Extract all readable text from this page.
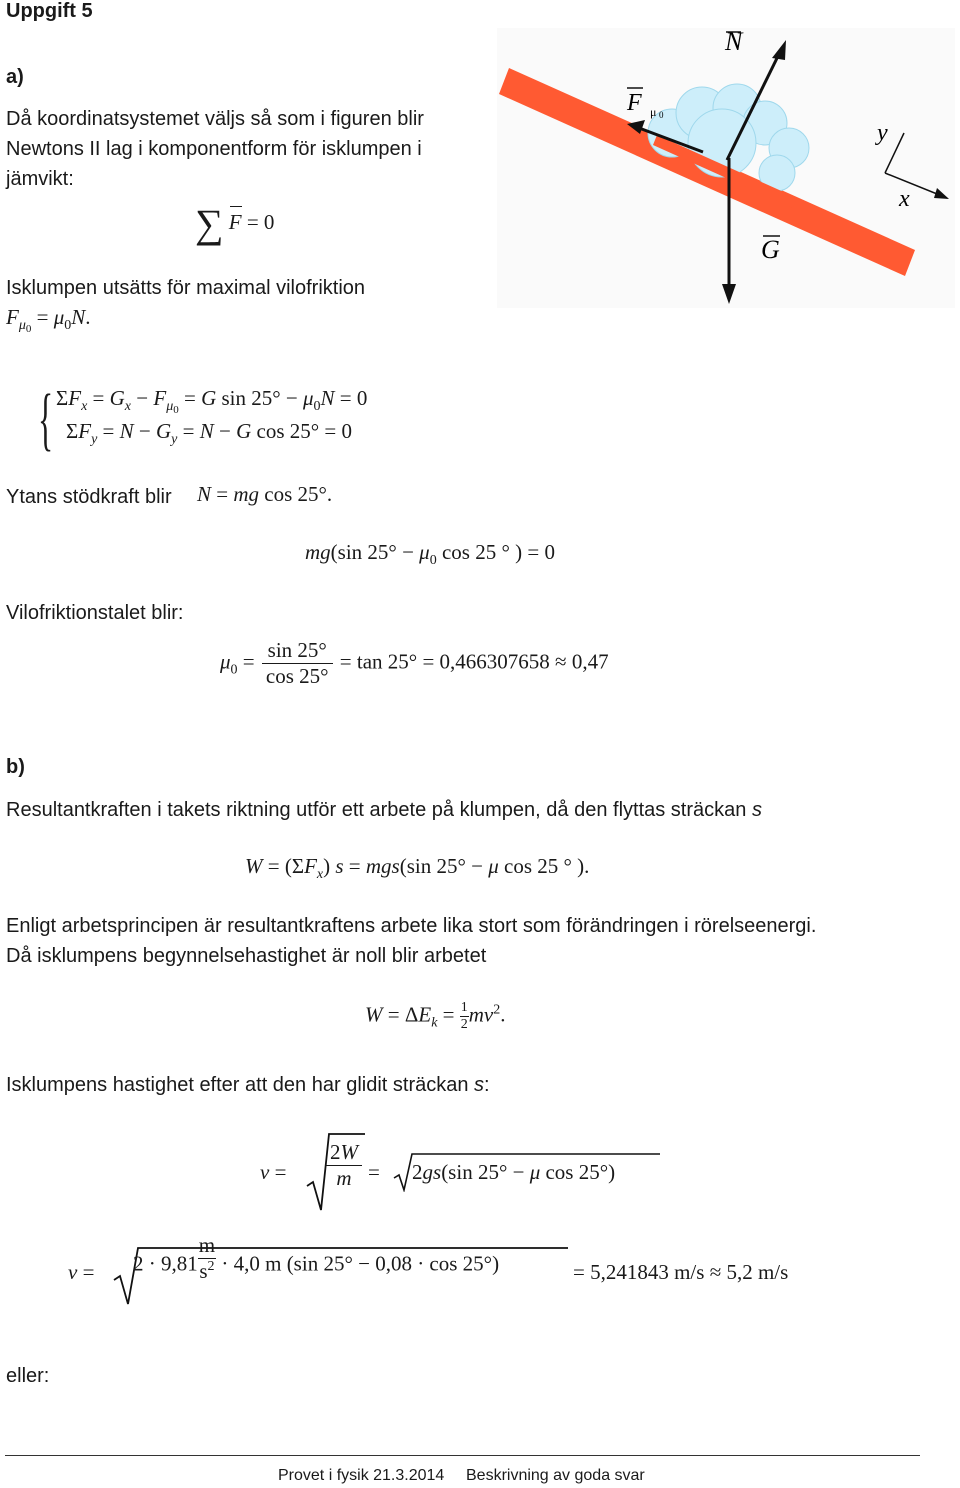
Uppgift 5
a)
Då koordinatsystemet väljs så som i figuren blir
Newtons II lag i komponentform för isklumpen i
jämvikt:
∑ F = 0
Isklumpen utsätts för maximal vilofriktion
$F_{\mu_0} = \mu_0N$.
{ $\Sigma F_x = G_x - F_{\mu_0} = G$ $\sin 25^\circ - \mu_0N = 0$
$\Sigma F_y = N - G_y = N - G$ cos 25° = 0
Ytans stödkraft blir N = mg cos 25°.
mg(sin $25^\circ - \mu_0$ cos 25 ° ) = 0
Vilofriktionstalet blir:
$\mu_0 = \frac{\sin 25^\circ}{\cos 25^\circ} = \tan 25^\circ = 0,466307658 \approx 0,47$
N
F μ 0
G
x
y
b)
Resultantkraften i takets riktning utför ett arbete på klumpen, då den flyttas sträckan s
$W = (\Sigma F_x) s = mgs(\sin$ 25° − μ cos 25 ° ).
Enligt arbetsprincipen är resultantkraftens arbete lika stort som förändringen i rörelseenergi.
Då isklumpens begynnelsehastighet är noll blir arbetet
$W = \Delta E_k = \frac{1}{2} mv^2$.
Isklumpens hastighet efter att den har glidit sträckan s:
$v = \frac{2W}{m} = 2gs(\sin$ 25° − μ cos 25°)
$v = 2 \cdot 9,81 \frac{m}{s^2} \cdot 4,0$ m (sin 25° − 0,08 · cos 25°)	= 5,241843 m/s ≈ 5,2 m/s
eller:
Provet i fysik 21.3.2014 Beskrivning av goda svar
